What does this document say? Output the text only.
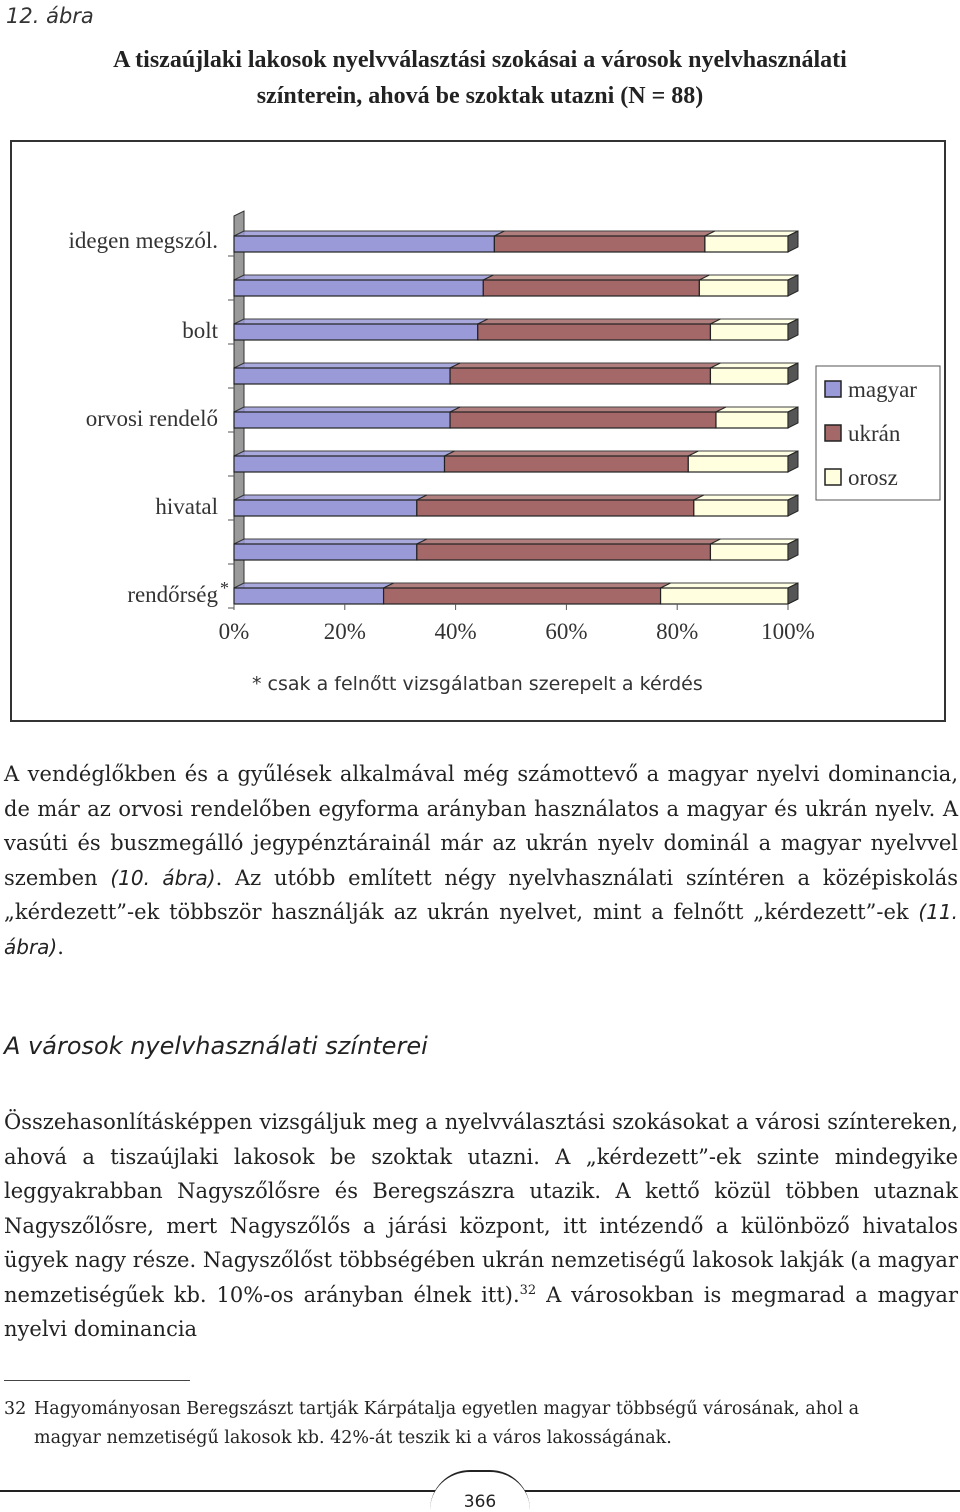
12. ábra
A tiszaújlaki lakosok nyelvválasztási szokásai a városok nyelvhasználati
színterein, ahová be szoktak utazni (N = 88)
idegen megszól.
bolt
orvosi rendelő
hivatal
rendőrség *
0%	20%	40%	60%	80%	100%
* csak a felnőtt vizsgálatban szerepelt a kérdés
magyar
ukrán
orosz

A vendéglőkben és a gyűlések alkalmával még számottevő a magyar nyelvi dominancia, de már az orvosi rendelőben egyforma arányban használatos a magyar és ukrán nyelv. A vasúti és buszmegálló jegypénztárainál már az ukrán nyelv dominál a magyar nyelvvel szemben (10. ábra). Az utóbb említett négy nyelvhasználati színtéren a középiskolás „kérdezett”-ek többször használják az ukrán nyelvet, mint a felnőtt „kérdezett”-ek (11. ábra).

A városok nyelvhasználati színterei

Összehasonlításképpen vizsgáljuk meg a nyelvválasztási szokásokat a városi színtereken, ahová a tiszaújlaki lakosok be szoktak utazni. A „kérdezett”-ek szinte mindegyike leggyakrabban Nagyszőlősre és Beregszászra utazik. A kettő közül többen utaznak Nagyszőlősre, mert Nagyszőlős a járási központ, itt intézendő a különböző hivatalos ügyek nagy része. Nagyszőlőst többségében ukrán nemzetiségű lakosok lakják (a magyar nemzetiségűek kb. 10%-os arányban élnek itt).$^{32}$ A városokban is megmarad a magyar nyelvi dominancia

32 Hagyományosan Beregszászt tartják Kárpátalja egyetlen magyar többségű városának, ahol a
magyar nemzetiségű lakosok kb. 42%-át teszik ki a város lakosságának.

366
